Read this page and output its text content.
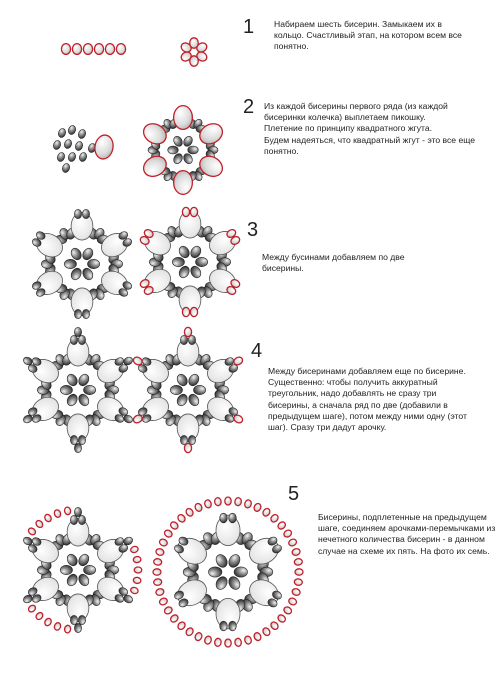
1 Набираем шесть бисерин. Замыкаем их в кольцо. Счастливый этап, на котором всем все понятно.
2 Из каждой бисерины первого ряда (из каждой бисеринки колечка) выплетаем пикошку.
Плетение по принципу квадратного жгута.
Будем надеяться, что квадратный жгут - это все еще понятно.
3
Между бусинами добавляем по две бисерины.
4
Между бисеринами добавляем еще по бисерине.
Существенно: чтобы получить аккуратный треугольник, надо добавлять не сразу три бисерины, а сначала ряд по две (добавили в предыдущем шаге), потом между ними одну (этот шаг). Сразу три дадут арочку.
5
Бисерины, подплетенные на предыдущем шаге, соединяем арочками-перемычками из нечетного количества бисерин - в данном случае на схеме их пять. На фото их семь.
